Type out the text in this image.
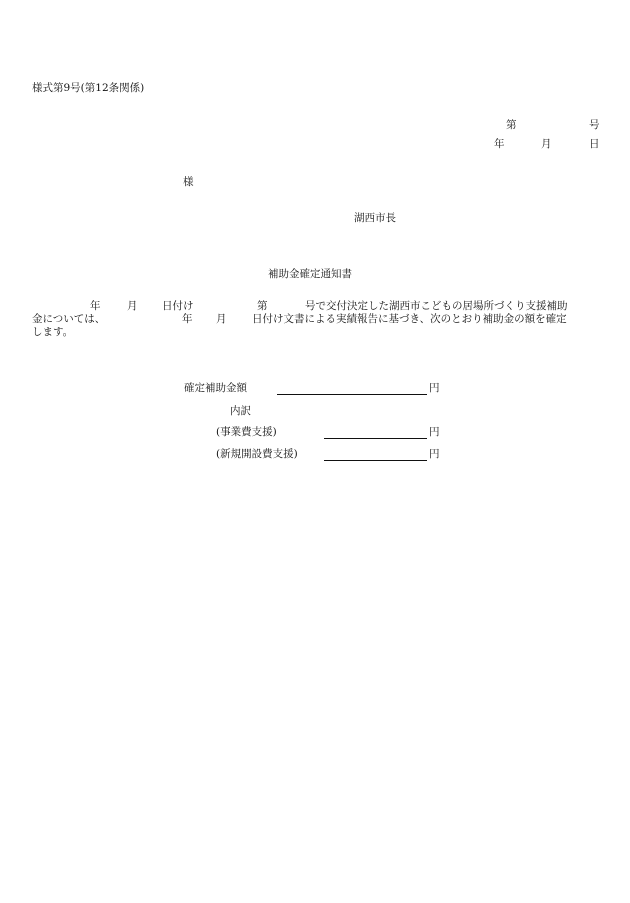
様式第9号(第12条関係)
第	号
年	月	日
様
湖西市長
補助金確定通知書
年	月 日付け	第	号で交付決定した湖西市こどもの居場所づくり支援補助
金については、	年 月 日付け文書による実績報告に基づき、次のとおり補助金の額を確定
します。
確定補助金額	円
内訳
(事業費支援)	円
(新規開設費支援)	円
